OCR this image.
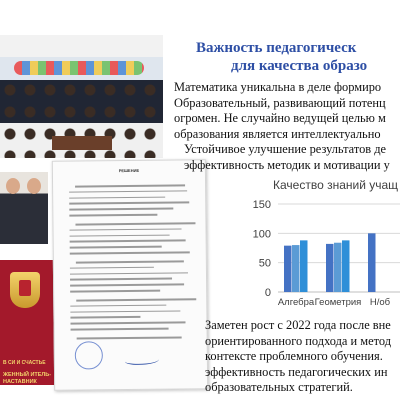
В СИ И СЧАСТЬЕ
ЖЕННЫЙ ИТЕЛЬ-НАСТАВНИК
РЕШЕНИЕ
Важность педагогическ
для качества образо
Математика уникальна в деле формиро
Образовательный, развивающий потенц
огромен. Не случайно ведущей целью м
образования является интеллектуально
Устойчивое улучшение результатов де
эффективность методик и мотивации у
Качество знаний учащ
0
50
100
150
Алгебра Геометрия Н/об
Заметен рост с 2022 года после вне
ориентированного подхода и метод
контексте проблемного обучения.
эффективность педагогических ин
образовательных стратегий.
